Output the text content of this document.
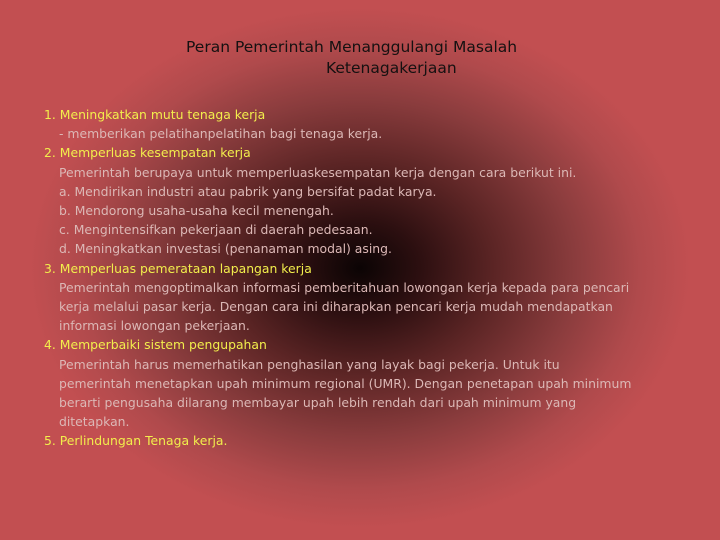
Peran Pemerintah Menanggulangi Masalah
Ketenagakerjaan
1. Meningkatkan mutu tenaga kerja
- memberikan pelatihanpelatihan bagi tenaga kerja.
2. Memperluas kesempatan kerja
Pemerintah berupaya untuk memperluaskesempatan kerja dengan cara berikut ini.
a. Mendirikan industri atau pabrik yang bersifat padat karya.
b. Mendorong usaha-usaha kecil menengah.
c. Mengintensifkan pekerjaan di daerah pedesaan.
d. Meningkatkan investasi (penanaman modal) asing.
3. Memperluas pemerataan lapangan kerja
Pemerintah mengoptimalkan informasi pemberitahuan lowongan kerja kepada para pencari
kerja melalui pasar kerja. Dengan cara ini diharapkan pencari kerja mudah mendapatkan
informasi lowongan pekerjaan.
4. Memperbaiki sistem pengupahan
Pemerintah harus memerhatikan penghasilan yang layak bagi pekerja. Untuk itu
pemerintah menetapkan upah minimum regional (UMR). Dengan penetapan upah minimum
berarti pengusaha dilarang membayar upah lebih rendah dari upah minimum yang
ditetapkan.
5. Perlindungan Tenaga kerja.
